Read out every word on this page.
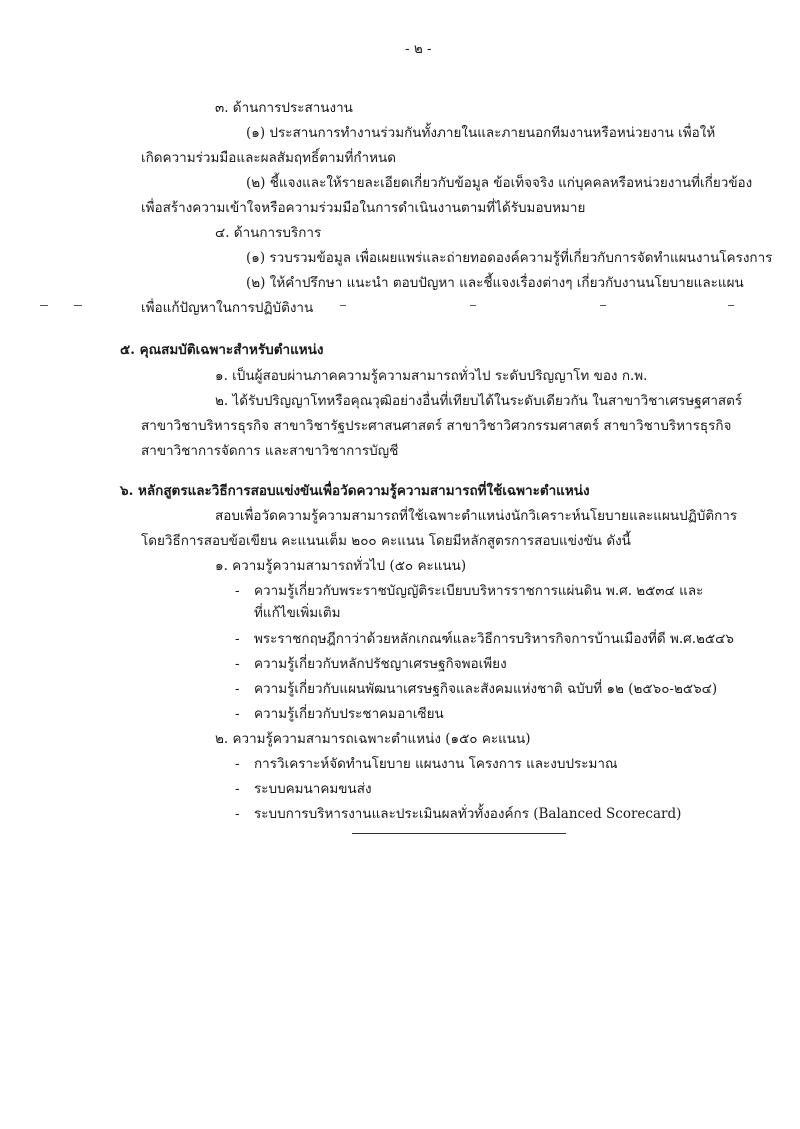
- ๒ -
๓. ด้านการประสานงาน
(๑) ประสานการทำงานร่วมกันทั้งภายในและภายนอกทีมงานหรือหน่วยงาน เพื่อให้
เกิดความร่วมมือและผลสัมฤทธิ์ตามที่กำหนด
(๒) ชี้แจงและให้รายละเอียดเกี่ยวกับข้อมูล ข้อเท็จจริง แก่บุคคลหรือหน่วยงานที่เกี่ยวข้อง
เพื่อสร้างความเข้าใจหรือความร่วมมือในการดำเนินงานตามที่ได้รับมอบหมาย
๔. ด้านการบริการ
(๑) รวบรวมข้อมูล เพื่อเผยแพร่และถ่ายทอดองค์ความรู้ที่เกี่ยวกับการจัดทำแผนงานโครงการ
(๒) ให้คำปรึกษา แนะนำ ตอบปัญหา และชี้แจงเรื่องต่างๆ เกี่ยวกับงานนโยบายและแผน
เพื่อแก้ปัญหาในการปฏิบัติงาน
๕. คุณสมบัติเฉพาะสำหรับตำแหน่ง
๑. เป็นผู้สอบผ่านภาคความรู้ความสามารถทั่วไป ระดับปริญญาโท ของ ก.พ.
๒. ได้รับปริญญาโทหรือคุณวุฒิอย่างอื่นที่เทียบได้ในระดับเดียวกัน ในสาขาวิชาเศรษฐศาสตร์
สาขาวิชาบริหารธุรกิจ สาขาวิชารัฐประศาสนศาสตร์ สาขาวิชาวิศวกรรมศาสตร์ สาขาวิชาบริหารธุรกิจ
สาขาวิชาการจัดการ และสาขาวิชาการบัญชี
๖. หลักสูตรและวิธีการสอบแข่งขันเพื่อวัดความรู้ความสามารถที่ใช้เฉพาะตำแหน่ง
สอบเพื่อวัดความรู้ความสามารถที่ใช้เฉพาะตำแหน่งนักวิเคราะห์นโยบายและแผนปฏิบัติการ
โดยวิธีการสอบข้อเขียน คะแนนเต็ม ๒๐๐ คะแนน โดยมีหลักสูตรการสอบแข่งขัน ดังนี้
๑. ความรู้ความสามารถทั่วไป (๕๐ คะแนน)
- ความรู้เกี่ยวกับพระราชบัญญัติระเบียบบริหารราชการแผ่นดิน พ.ศ. ๒๕๓๔ และ
ที่แก้ไขเพิ่มเติม
- พระราชกฤษฎีกาว่าด้วยหลักเกณฑ์และวิธีการบริหารกิจการบ้านเมืองที่ดี พ.ศ.๒๕๔๖
- ความรู้เกี่ยวกับหลักปรัชญาเศรษฐกิจพอเพียง
- ความรู้เกี่ยวกับแผนพัฒนาเศรษฐกิจและสังคมแห่งชาติ ฉบับที่ ๑๒ (๒๕๖๐-๒๕๖๔)
- ความรู้เกี่ยวกับประชาคมอาเซียน
๒. ความรู้ความสามารถเฉพาะตำแหน่ง (๑๕๐ คะแนน)
- การวิเคราะห์จัดทำนโยบาย แผนงาน โครงการ และงบประมาณ
- ระบบคมนาคมขนส่ง
- ระบบการบริหารงานและประเมินผลทั่วทั้งองค์กร (Balanced Scorecard)
